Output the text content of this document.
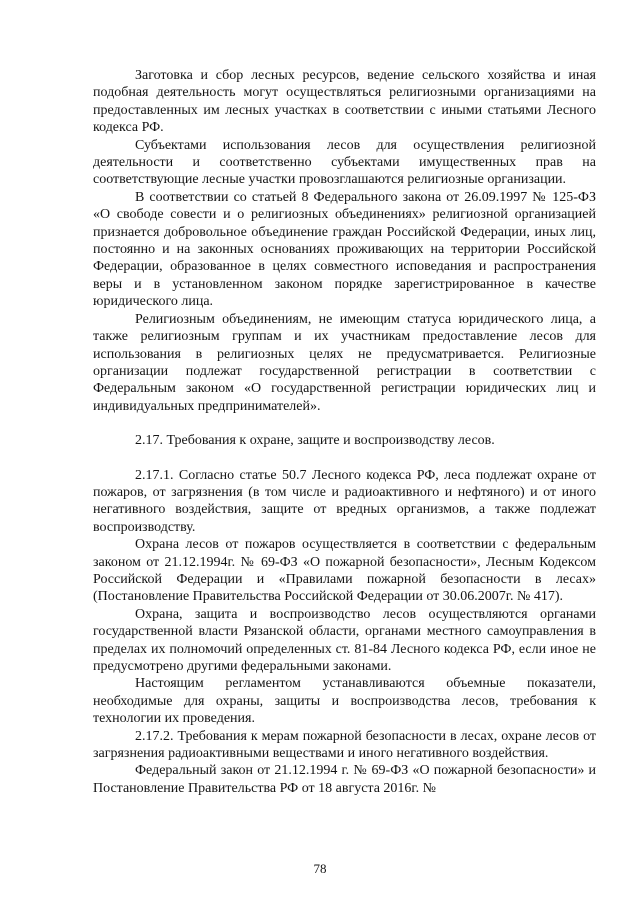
Заготовка и сбор лесных ресурсов, ведение сельского хозяйства и иная подобная деятельность могут осуществляться религиозными организациями на предоставленных им лесных участках в соответствии с иными статьями Лесного кодекса РФ.

Субъектами использования лесов для осуществления религиозной деятельности и соответственно субъектами имущественных прав на соответствующие лесные участки провозглашаются религиозные организации.

В соответствии со статьей 8 Федерального закона от 26.09.1997 № 125-ФЗ «О свободе совести и о религиозных объединениях» религиозной организацией признается добровольное объединение граждан Российской Федерации, иных лиц, постоянно и на законных основаниях проживающих на территории Российской Федерации, образованное в целях совместного исповедания и распространения веры и в установленном законом порядке зарегистрированное в качестве юридического лица.

Религиозным объединениям, не имеющим статуса юридического лица, а также религиозным группам и их участникам предоставление лесов для использования в религиозных целях не предусматривается. Религиозные организации подлежат государственной регистрации в соответствии с Федеральным законом «О государственной регистрации юридических лиц и индивидуальных предпринимателей».

2.17. Требования к охране, защите и воспроизводству лесов.

2.17.1. Согласно статье 50.7 Лесного кодекса РФ, леса подлежат охране от пожаров, от загрязнения (в том числе и радиоактивного и нефтяного) и от иного негативного воздействия, защите от вредных организмов, а также подлежат воспроизводству.

Охрана лесов от пожаров осуществляется в соответствии с федеральным законом от 21.12.1994г. № 69-ФЗ «О пожарной безопасности», Лесным Кодексом Российской Федерации и «Правилами пожарной безопасности в лесах» (Постановление Правительства Российской Федерации от 30.06.2007г. № 417).

Охрана, защита и воспроизводство лесов осуществляются органами государственной власти Рязанской области, органами местного самоуправления в пределах их полномочий определенных ст. 81-84 Лесного кодекса РФ, если иное не предусмотрено другими федеральными законами.

Настоящим регламентом устанавливаются объемные показатели, необходимые для охраны, защиты и воспроизводства лесов, требования к технологии их проведения.

2.17.2. Требования к мерам пожарной безопасности в лесах, охране лесов от загрязнения радиоактивными веществами и иного негативного воздействия.

Федеральный закон от 21.12.1994 г. № 69-ФЗ «О пожарной безопасности» и Постановление Правительства РФ от 18 августа 2016г. №

78
